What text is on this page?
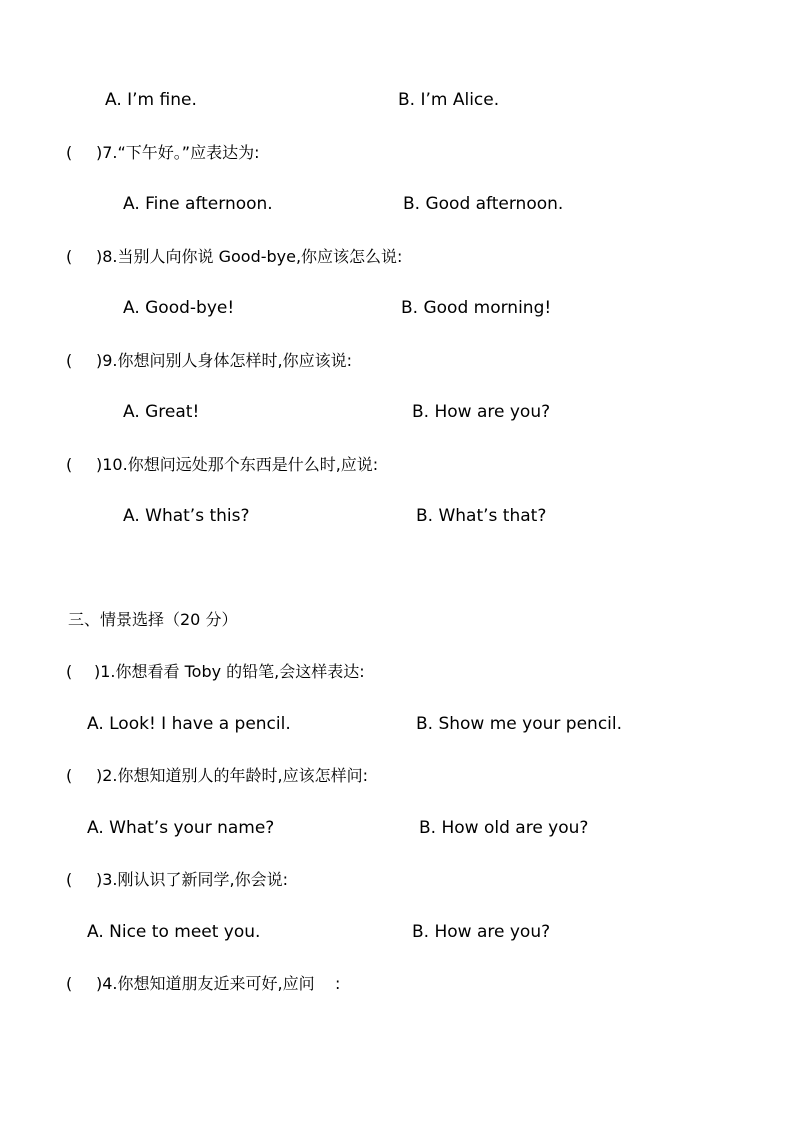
A. I’m fine.	B. I’m Alice.
( )7.“下午好。”应表达为:
A. Fine afternoon.	B. Good afternoon.
( )8.当别人向你说 Good-bye,你应该怎么说:
A. Good-bye!	B. Good morning!
( )9.你想问别人身体怎样时,你应该说:
A. Great!	B. How are you?
( )10.你想问远处那个东西是什么时,应说:
A. What’s this?	B. What’s that?
三、情景选择（20 分）
( )1.你想看看 Toby 的铅笔,会这样表达:
A. Look! I have a pencil.	B. Show me your pencil.
( )2.你想知道别人的年龄时,应该怎样问:
A. What’s your name?	B. How old are you?
( )3.刚认识了新同学,你会说:
A. Nice to meet you.	B. How are you?
( )4.你想知道朋友近来可好,应问    :
